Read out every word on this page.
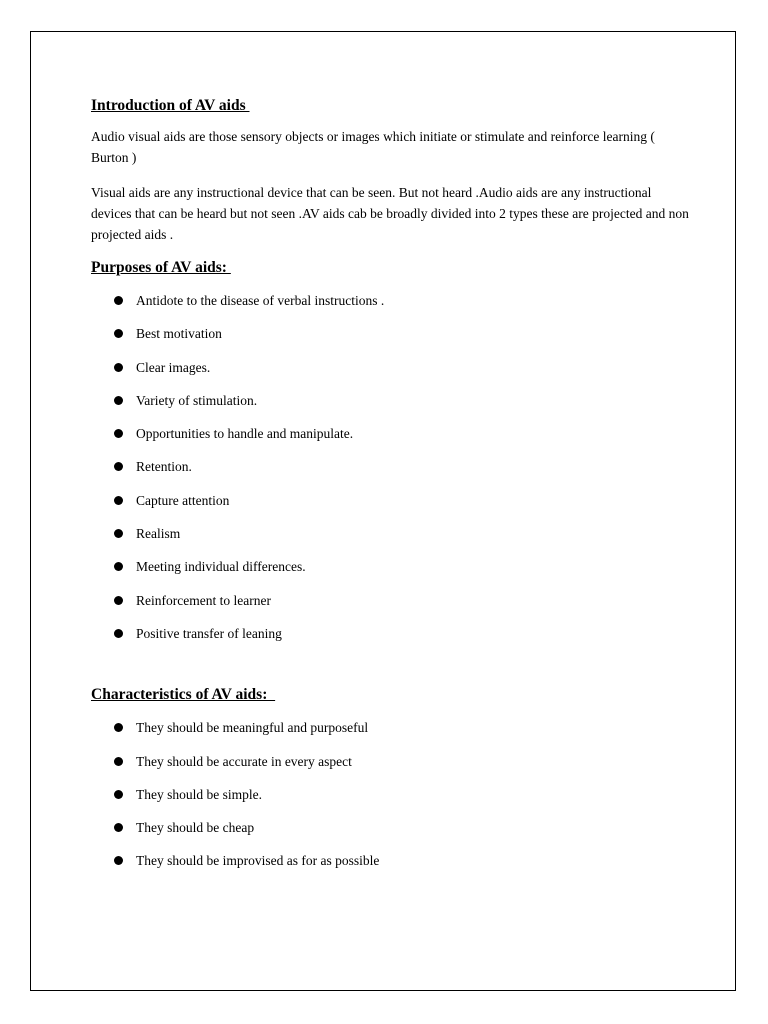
Introduction of AV aids

Audio visual aids are those sensory objects or images which initiate or stimulate and reinforce learning ( Burton )

Visual aids are any instructional device that can be seen. But not heard .Audio aids are any instructional devices that can be heard but not seen .AV aids cab be broadly divided into 2 types these are projected and non projected aids .

Purposes of AV aids:
Antidote to the disease of verbal instructions .
Best motivation
Clear images.
Variety of stimulation.
Opportunities to handle and manipulate.
Retention.
Capture attention
Realism
Meeting individual differences.
Reinforcement to learner
Positive transfer of leaning
Characteristics of AV aids:
They should be meaningful and purposeful
They should be accurate in every aspect
They should be simple.
They should be cheap
They should be improvised as for as possible
